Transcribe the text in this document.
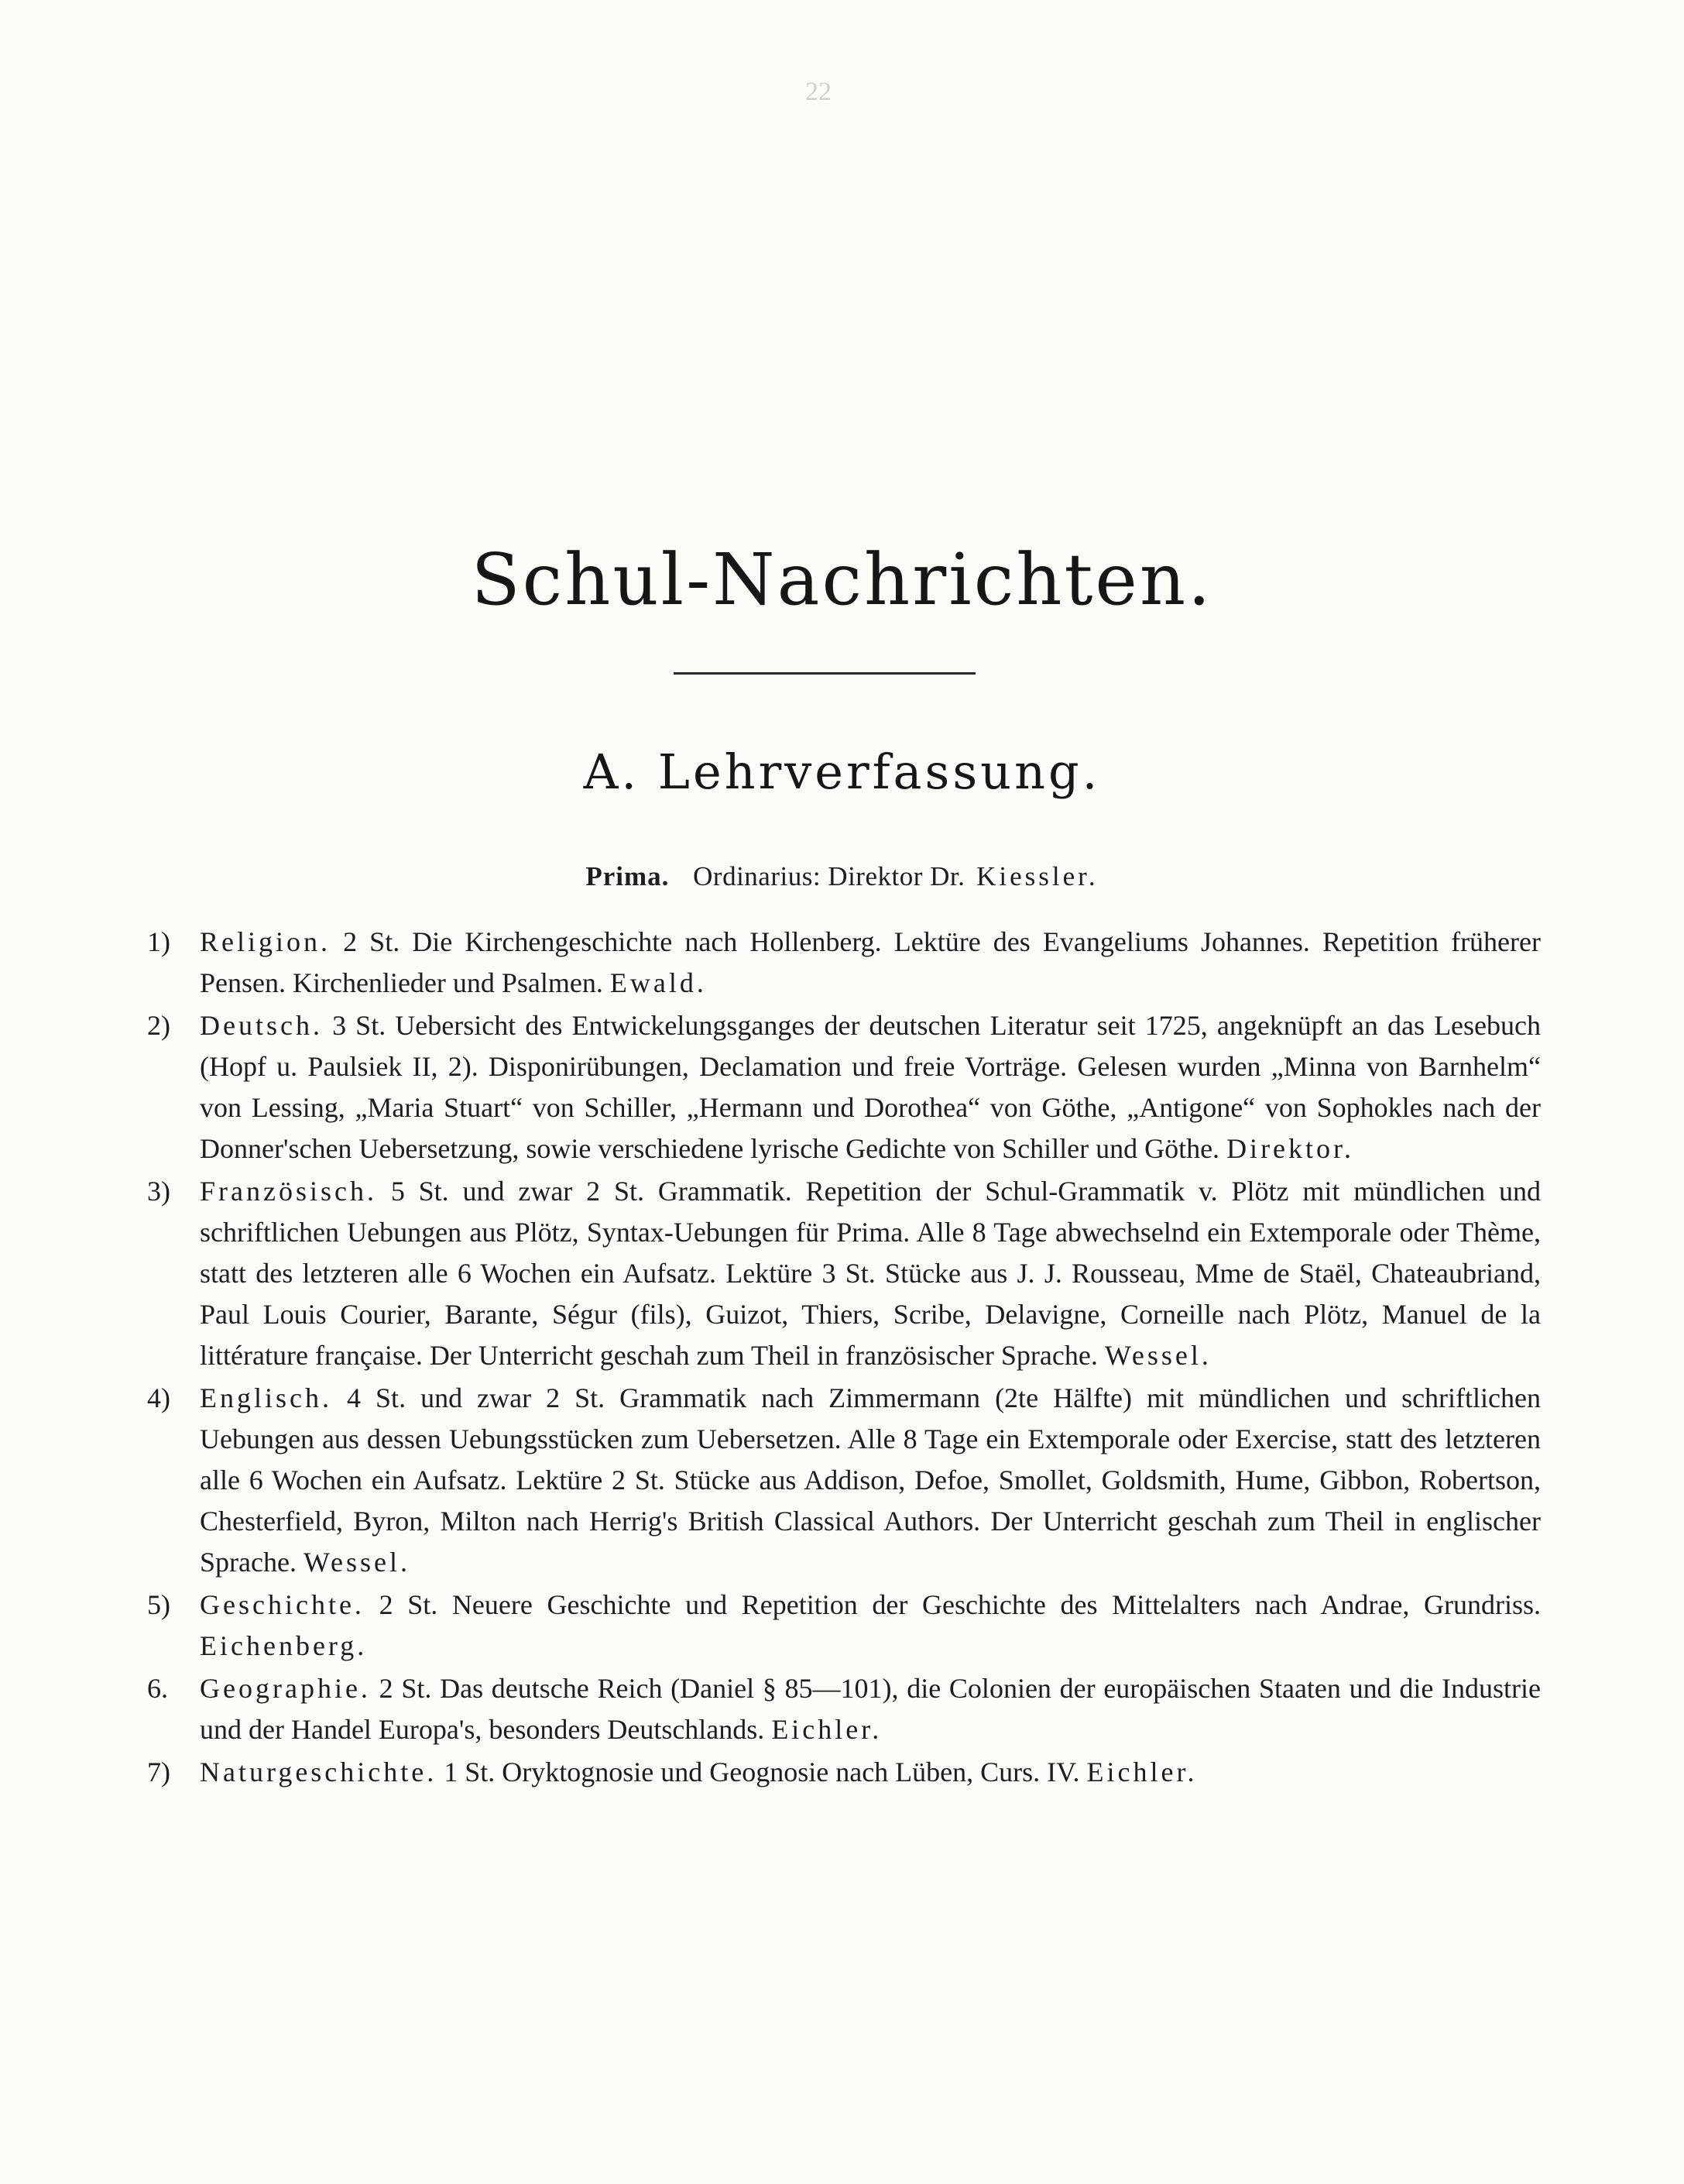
22
Schul-Nachrichten.
A. Lehrverfassung.
Prima. Ordinarius: Direktor Dr. Kiessler.
1) Religion. 2 St. Die Kirchengeschichte nach Hollenberg. Lektüre des Evangeliums Johannes. Repetition früherer Pensen. Kirchenlieder und Psalmen. Ewald.
2) Deutsch. 3 St. Uebersicht des Entwickelungsganges der deutschen Literatur seit 1725, angeknüpft an das Lesebuch (Hopf u. Paulsiek II, 2). Disponirübungen, Declamation und freie Vorträge. Gelesen wurden „Minna von Barnhelm“ von Lessing, „Maria Stuart“ von Schiller, „Hermann und Dorothea“ von Göthe, „Antigone“ von Sophokles nach der Donner'schen Uebersetzung, sowie verschiedene lyrische Gedichte von Schiller und Göthe. Direktor.
3) Französisch. 5 St. und zwar 2 St. Grammatik. Repetition der Schul-Grammatik v. Plötz mit mündlichen und schriftlichen Uebungen aus Plötz, Syntax-Uebungen für Prima. Alle 8 Tage abwechselnd ein Extemporale oder Thème, statt des letzteren alle 6 Wochen ein Aufsatz. Lektüre 3 St. Stücke aus J. J. Rousseau, Mme de Staël, Chateaubriand, Paul Louis Courier, Barante, Ségur (fils), Guizot, Thiers, Scribe, Delavigne, Corneille nach Plötz, Manuel de la littérature française. Der Unterricht geschah zum Theil in französischer Sprache. Wessel.
4) Englisch. 4 St. und zwar 2 St. Grammatik nach Zimmermann (2te Hälfte) mit mündlichen und schriftlichen Uebungen aus dessen Uebungsstücken zum Uebersetzen. Alle 8 Tage ein Extemporale oder Exercise, statt des letzteren alle 6 Wochen ein Aufsatz. Lektüre 2 St. Stücke aus Addison, Defoe, Smollet, Goldsmith, Hume, Gibbon, Robertson, Chesterfield, Byron, Milton nach Herrig's British Classical Authors. Der Unterricht geschah zum Theil in englischer Sprache. Wessel.
5) Geschichte. 2 St. Neuere Geschichte und Repetition der Geschichte des Mittelalters nach Andrae, Grundriss. Eichenberg.
6. Geographie. 2 St. Das deutsche Reich (Daniel § 85—101), die Colonien der europäischen Staaten und die Industrie und der Handel Europa's, besonders Deutschlands. Eichler.
7) Naturgeschichte. 1 St. Oryktognosie und Geognosie nach Lüben, Curs. IV. Eichler.
